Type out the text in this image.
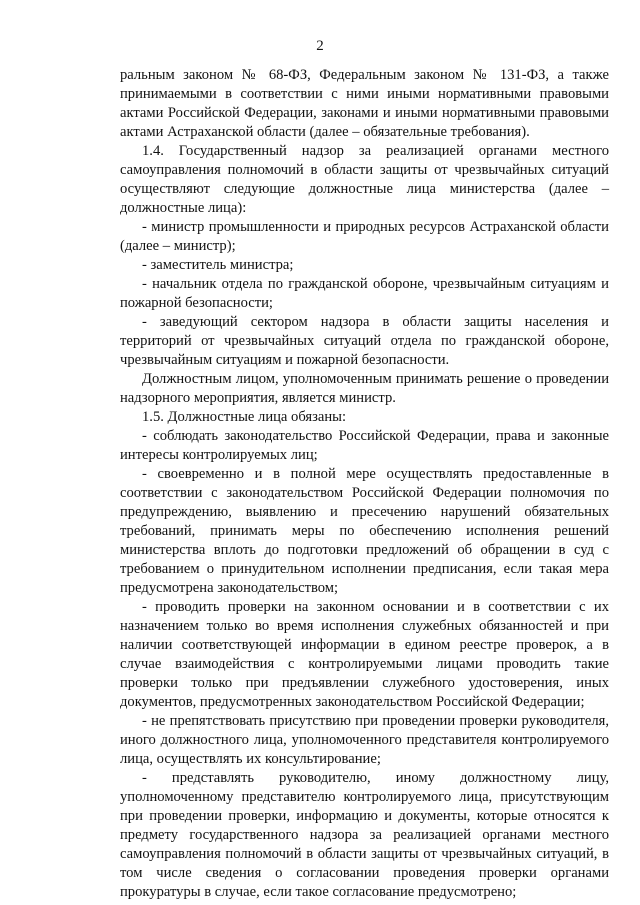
2

ральным законом № 68-ФЗ, Федеральным законом № 131-ФЗ, а также принимаемыми в соответствии с ними иными нормативными правовыми актами Российской Федерации, законами и иными нормативными правовыми актами Астраханской области (далее – обязательные требования).

1.4. Государственный надзор за реализацией органами местного самоуправления полномочий в области защиты от чрезвычайных ситуаций осуществляют следующие должностные лица министерства (далее – должностные лица):

- министр промышленности и природных ресурсов Астраханской области (далее – министр);

- заместитель министра;

- начальник отдела по гражданской обороне, чрезвычайным ситуациям и пожарной безопасности;

- заведующий сектором надзора в области защиты населения и территорий от чрезвычайных ситуаций отдела по гражданской обороне, чрезвычайным ситуациям и пожарной безопасности.

Должностным лицом, уполномоченным принимать решение о проведении надзорного мероприятия, является министр.

1.5. Должностные лица обязаны:

- соблюдать законодательство Российской Федерации, права и законные интересы контролируемых лиц;

- своевременно и в полной мере осуществлять предоставленные в соответствии с законодательством Российской Федерации полномочия по предупреждению, выявлению и пресечению нарушений обязательных требований, принимать меры по обеспечению исполнения решений министерства вплоть до подготовки предложений об обращении в суд с требованием о принудительном исполнении предписания, если такая мера предусмотрена законодательством;

- проводить проверки на законном основании и в соответствии с их назначением только во время исполнения служебных обязанностей и при наличии соответствующей информации в едином реестре проверок, а в случае взаимодействия с контролируемыми лицами проводить такие проверки только при предъявлении служебного удостоверения, иных документов, предусмотренных законодательством Российской Федерации;

- не препятствовать присутствию при проведении проверки руководителя, иного должностного лица, уполномоченного представителя контролируемого лица, осуществлять их консультирование;

- представлять руководителю, иному должностному лицу, уполномоченному представителю контролируемого лица, присутствующим при проведении проверки, информацию и документы, которые относятся к предмету государственного надзора за реализацией органами местного самоуправления полномочий в области защиты от чрезвычайных ситуаций, в том числе сведения о согласовании проведения проверки органами прокуратуры в случае, если такое согласование предусмотрено;
